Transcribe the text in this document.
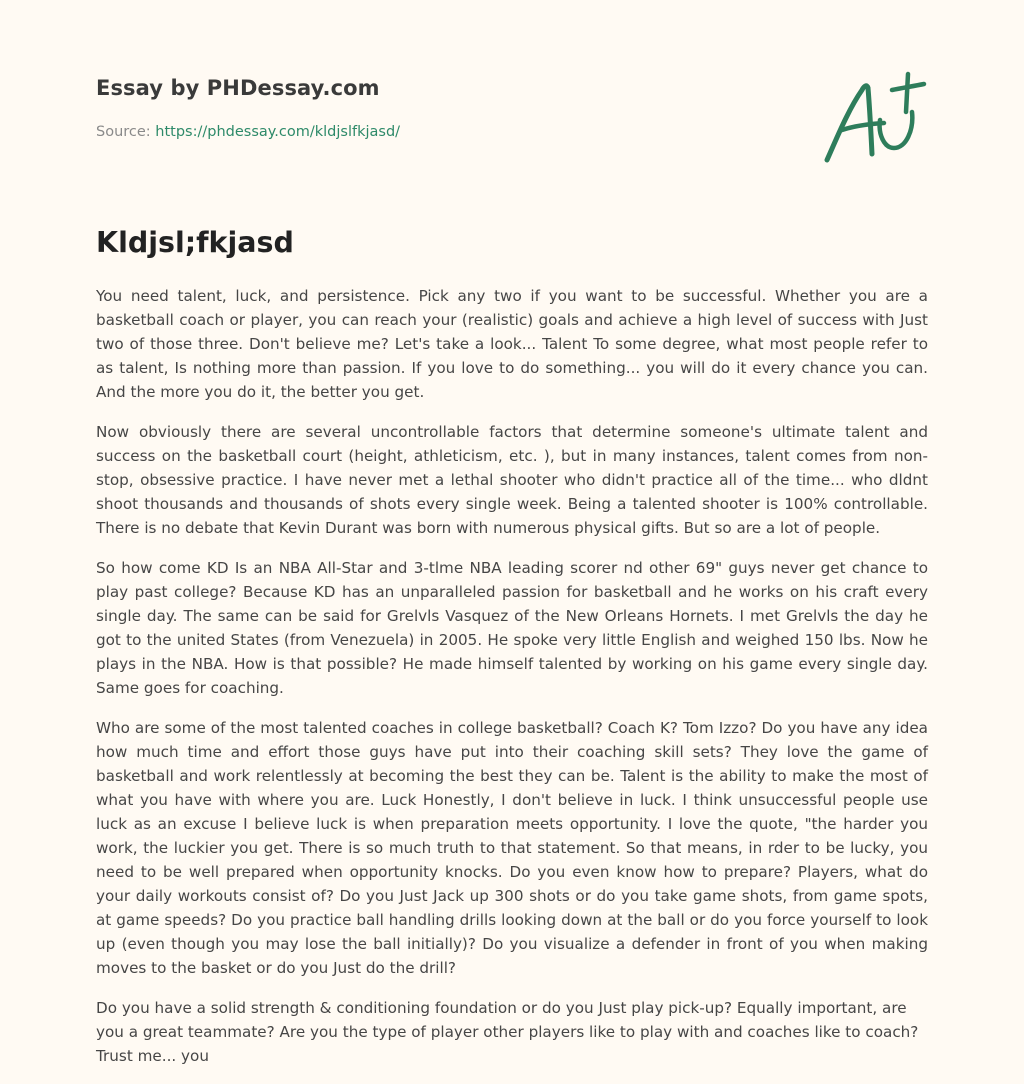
Essay by PHDessay.com
Source: https://phdessay.com/kldjslfkjasd/
Kldjsl;fkjasd

You need talent, luck, and persistence. Pick any two if you want to be successful. Whether you are a basketball coach or player, you can reach your (realistic) goals and achieve a high level of success with Just two of those three. Don't believe me? Let's take a look... Talent To some degree, what most people refer to as talent, Is nothing more than passion. If you love to do something... you will do it every chance you can. And the more you do it, the better you get.

Now obviously there are several uncontrollable factors that determine someone's ultimate talent and success on the basketball court (height, athleticism, etc. ), but in many instances, talent comes from non-stop, obsessive practice. I have never met a lethal shooter who didn't practice all of the time... who dldnt shoot thousands and thousands of shots every single week. Being a talented shooter is 100% controllable. There is no debate that Kevin Durant was born with numerous physical gifts. But so are a lot of people.

So how come KD Is an NBA All-Star and 3-tlme NBA leading scorer nd other 69" guys never get chance to play past college? Because KD has an unparalleled passion for basketball and he works on his craft every single day. The same can be said for Grelvls Vasquez of the New Orleans Hornets. I met Grelvls the day he got to the united States (from Venezuela) in 2005. He spoke very little English and weighed 150 lbs. Now he plays in the NBA. How is that possible? He made himself talented by working on his game every single day. Same goes for coaching.

Who are some of the most talented coaches in college basketball? Coach K? Tom Izzo? Do you have any idea how much time and effort those guys have put into their coaching skill sets? They love the game of basketball and work relentlessly at becoming the best they can be. Talent is the ability to make the most of what you have with where you are. Luck Honestly, I don't believe in luck. I think unsuccessful people use luck as an excuse I believe luck is when preparation meets opportunity. I love the quote, "the harder you work, the luckier you get. There is so much truth to that statement. So that means, in rder to be lucky, you need to be well prepared when opportunity knocks. Do you even know how to prepare? Players, what do your daily workouts consist of? Do you Just Jack up 300 shots or do you take game shots, from game spots, at game speeds? Do you practice ball handling drills looking down at the ball or do you force yourself to look up (even though you may lose the ball initially)? Do you visualize a defender in front of you when making moves to the basket or do you Just do the drill?

Do you have a solid strength & conditioning foundation or do you Just play pick-up? Equally important, are you a great teammate? Are you the type of player other players like to play with and coaches like to coach? Trust me... you
